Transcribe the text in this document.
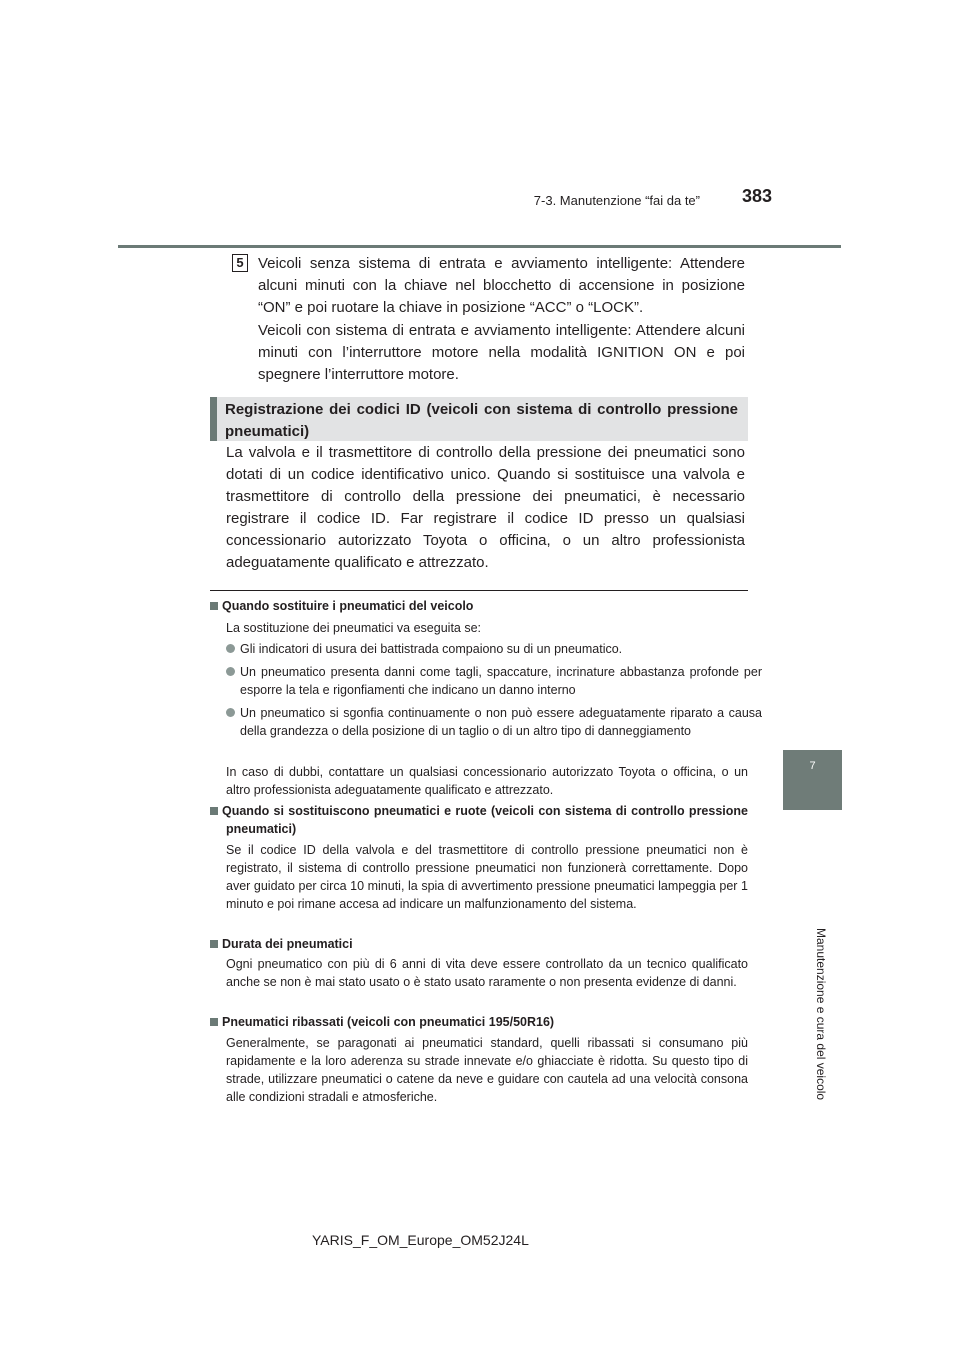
7-3. Manutenzione “fai da te”	383
7
Manutenzione e cura del veicolo
5 Veicoli senza sistema di entrata e avviamento intelligente: Attendere alcuni minuti con la chiave nel blocchetto di accensione in posizione “ON” e poi ruotare la chiave in posizione “ACC” o “LOCK”.
Veicoli con sistema di entrata e avviamento intelligente: Attendere alcuni minuti con l’interruttore motore nella modalità IGNITION ON e poi spegnere l’interruttore motore.
Registrazione dei codici ID (veicoli con sistema di controllo pressione pneumatici)
La valvola e il trasmettitore di controllo della pressione dei pneumatici sono dotati di un codice identificativo unico. Quando si sostituisce una valvola e trasmettitore di controllo della pressione dei pneumatici, è necessario registrare il codice ID. Far registrare il codice ID presso un qualsiasi concessionario autorizzato Toyota o officina, o un altro professionista adeguatamente qualificato e attrezzato.
Quando sostituire i pneumatici del veicolo
La sostituzione dei pneumatici va eseguita se:
Gli indicatori di usura dei battistrada compaiono su di un pneumatico.
Un pneumatico presenta danni come tagli, spaccature, incrinature abbastanza profonde per esporre la tela e rigonfiamenti che indicano un danno interno
Un pneumatico si sgonfia continuamente o non può essere adeguatamente riparato a causa della grandezza o della posizione di un taglio o di un altro tipo di danneggiamento
In caso di dubbi, contattare un qualsiasi concessionario autorizzato Toyota o officina, o un altro professionista adeguatamente qualificato e attrezzato.
Quando si sostituiscono pneumatici e ruote (veicoli con sistema di controllo pressione pneumatici)
Se il codice ID della valvola e del trasmettitore di controllo pressione pneumatici non è registrato, il sistema di controllo pressione pneumatici non funzionerà correttamente. Dopo aver guidato per circa 10 minuti, la spia di avvertimento pressione pneumatici lampeggia per 1 minuto e poi rimane accesa ad indicare un malfunzionamento del sistema.
Durata dei pneumatici
Ogni pneumatico con più di 6 anni di vita deve essere controllato da un tecnico qualificato anche se non è mai stato usato o è stato usato raramente o non presenta evidenze di danni.
Pneumatici ribassati (veicoli con pneumatici 195/50R16)
Generalmente, se paragonati ai pneumatici standard, quelli ribassati si consumano più rapidamente e la loro aderenza su strade innevate e/o ghiacciate è ridotta. Su questo tipo di strade, utilizzare pneumatici o catene da neve e guidare con cautela ad una velocità consona alle condizioni stradali e atmosferiche.
YARIS_F_OM_Europe_OM52J24L
